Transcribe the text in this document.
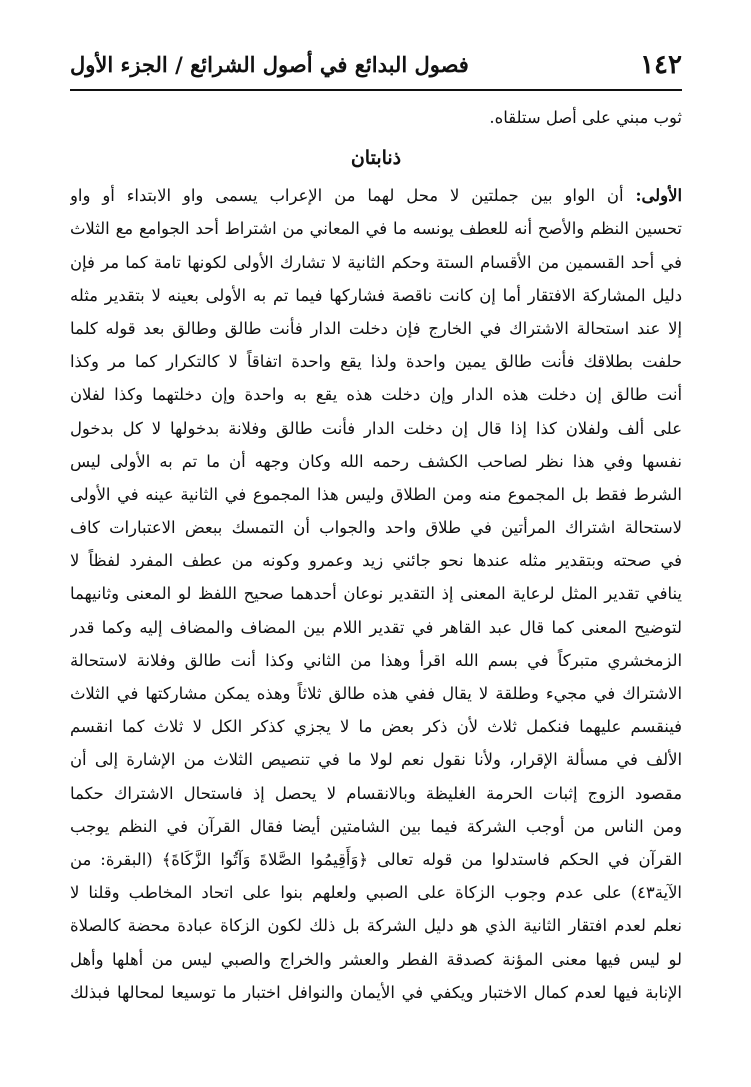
١٤٢
فصول البدائع في أصول الشرائع / الجزء الأول
ثوب مبني على أصل ستلقاه.
ذنابتان
الأولى: أن الواو بين جملتين لا محل لهما من الإعراب يسمى واو الابتداء أو واو
تحسين النظم والأصح أنه للعطف يونسه ما في المعاني من اشتراط أحد الجوامع مع الثلاث
في أحد القسمين من الأقسام الستة وحكم الثانية لا تشارك الأولى لكونها تامة كما مر فإن
دليل المشاركة الافتقار أما إن كانت ناقصة فشاركها فيما تم به الأولى بعينه لا بتقدير مثله
إلا عند استحالة الاشتراك في الخارج فإن دخلت الدار فأنت طالق وطالق بعد قوله كلما
حلفت بطلاقك فأنت طالق يمين واحدة ولذا يقع واحدة اتفاقاً لا كالتكرار كما مر وكذا
أنت طالق إن دخلت هذه الدار وإن دخلت هذه يقع به واحدة وإن دخلتهما وكذا لفلان
على ألف ولفلان كذا إذا قال إن دخلت الدار فأنت طالق وفلانة بدخولها لا كل بدخول
نفسها وفي هذا نظر لصاحب الكشف رحمه الله وكان وجهه أن ما تم به الأولى ليس
الشرط فقط بل المجموع منه ومن الطلاق وليس هذا المجموع في الثانية عينه في الأولى
لاستحالة اشتراك المرأتين في طلاق واحد والجواب أن التمسك ببعض الاعتبارات كاف
في صحته وبتقدير مثله عندها نحو جائني زيد وعمرو وكونه من عطف المفرد لفظاً لا
ينافي تقدير المثل لرعاية المعنى إذ التقدير نوعان أحدهما صحيح اللفظ لو المعنى وثانيهما
لتوضيح المعنى كما قال عبد القاهر في تقدير اللام بين المضاف والمضاف إليه وكما قدر
الزمخشري متبركاً في بسم الله اقرأ وهذا من الثاني وكذا أنت طالق وفلانة لاستحالة
الاشتراك في مجيء وطلقة لا يقال ففي هذه طالق ثلاثاً وهذه يمكن مشاركتها في الثلاث
فينقسم عليهما فنكمل ثلاث لأن ذكر بعض ما لا يجزي كذكر الكل لا ثلاث كما انقسم
الألف في مسألة الإقرار، ولأنا نقول نعم لولا ما في تنصيص الثلاث من الإشارة إلى أن
مقصود الزوج إثبات الحرمة الغليظة وبالانقسام لا يحصل إذ فاستحال الاشتراك حكما
ومن الناس من أوجب الشركة فيما بين الشامتين أيضا فقال القرآن في النظم يوجب
القرآن في الحكم فاستدلوا من قوله تعالى ﴿وَأَقِيمُوا الصَّلاةَ وَآتُوا الزَّكَاةَ﴾ (البقرة: من
الآية٤٣) على عدم وجوب الزكاة على الصبي ولعلهم بنوا على اتحاد المخاطب وقلنا لا
نعلم لعدم افتقار الثانية الذي هو دليل الشركة بل ذلك لكون الزكاة عبادة محضة كالصلاة
لو ليس فيها معنى المؤنة كصدقة الفطر والعشر والخراج والصبي ليس من أهلها وأهل
الإنابة فيها لعدم كمال الاختبار ويكفي في الأيمان والنوافل اختبار ما توسيعا لمحالها فبذلك
